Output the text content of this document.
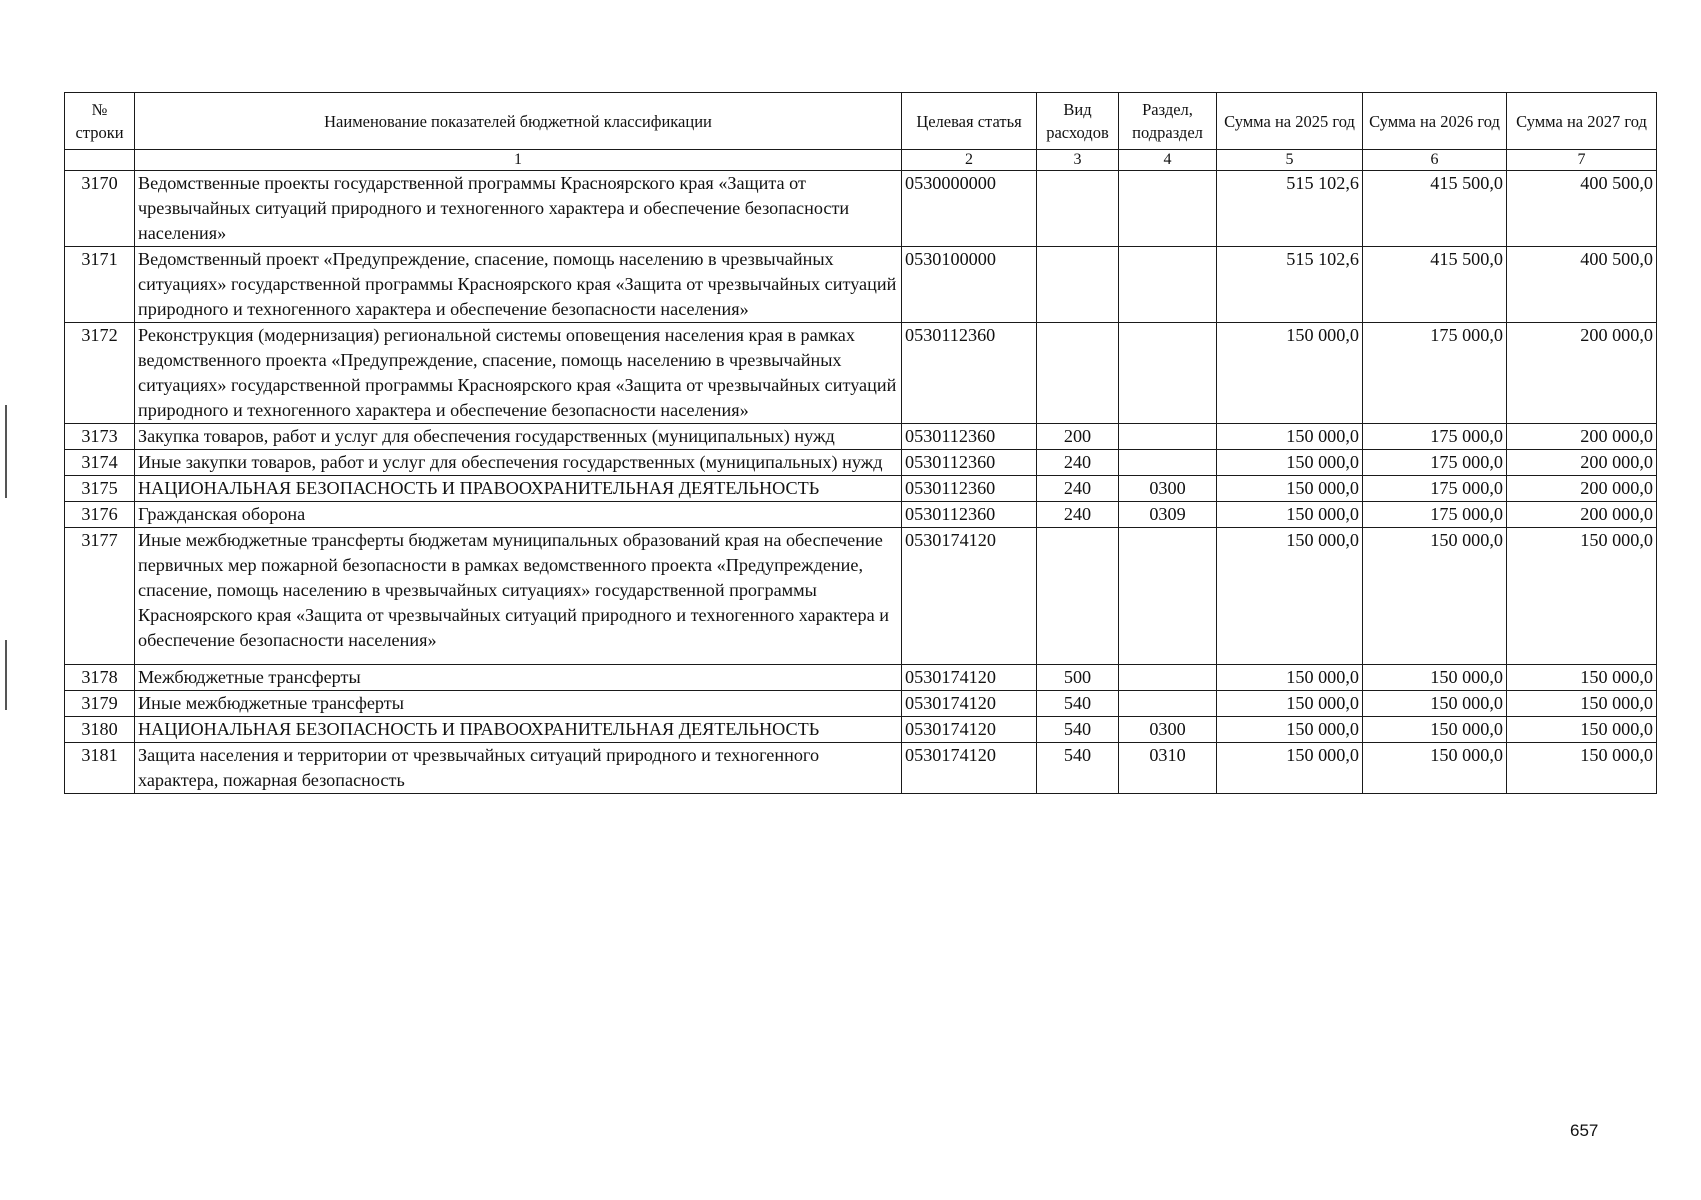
№ строки	Наименование показателей бюджетной классификации	Целевая статья	Вид расходов	Раздел, подраздел	Сумма на 2025 год	Сумма на 2026 год	Сумма на 2027 год
	1	2	3	4	5	6	7
3170	Ведомственные проекты государственной программы Красноярского края «Защита от чрезвычайных ситуаций природного и техногенного характера и обеспечение безопасности населения»	0530000000			515 102,6	415 500,0	400 500,0
3171	Ведомственный проект «Предупреждение, спасение, помощь населению в чрезвычайных ситуациях» государственной программы Красноярского края «Защита от чрезвычайных ситуаций природного и техногенного характера и обеспечение безопасности населения»	0530100000			515 102,6	415 500,0	400 500,0
3172	Реконструкция (модернизация) региональной системы оповещения населения края в рамках ведомственного проекта «Предупреждение, спасение, помощь населению в чрезвычайных ситуациях» государственной программы Красноярского края «Защита от чрезвычайных ситуаций природного и техногенного характера и обеспечение безопасности населения»	0530112360			150 000,0	175 000,0	200 000,0
3173	Закупка товаров, работ и услуг для обеспечения государственных (муниципальных) нужд	0530112360	200		150 000,0	175 000,0	200 000,0
3174	Иные закупки товаров, работ и услуг для обеспечения государственных (муниципальных) нужд	0530112360	240		150 000,0	175 000,0	200 000,0
3175	НАЦИОНАЛЬНАЯ БЕЗОПАСНОСТЬ И ПРАВООХРАНИТЕЛЬНАЯ ДЕЯТЕЛЬНОСТЬ	0530112360	240	0300	150 000,0	175 000,0	200 000,0
3176	Гражданская оборона	0530112360	240	0309	150 000,0	175 000,0	200 000,0
3177	Иные межбюджетные трансферты бюджетам муниципальных образований края на обеспечение первичных мер пожарной безопасности в рамках ведомственного проекта «Предупреждение, спасение, помощь населению в чрезвычайных ситуациях» государственной программы Красноярского края «Защита от чрезвычайных ситуаций природного и техногенного характера и обеспечение безопасности населения»	0530174120			150 000,0	150 000,0	150 000,0
3178	Межбюджетные трансферты	0530174120	500		150 000,0	150 000,0	150 000,0
3179	Иные межбюджетные трансферты	0530174120	540		150 000,0	150 000,0	150 000,0
3180	НАЦИОНАЛЬНАЯ БЕЗОПАСНОСТЬ И ПРАВООХРАНИТЕЛЬНАЯ ДЕЯТЕЛЬНОСТЬ	0530174120	540	0300	150 000,0	150 000,0	150 000,0
3181	Защита населения и территории от чрезвычайных ситуаций природного и техногенного характера, пожарная безопасность	0530174120	540	0310	150 000,0	150 000,0	150 000,0
657
